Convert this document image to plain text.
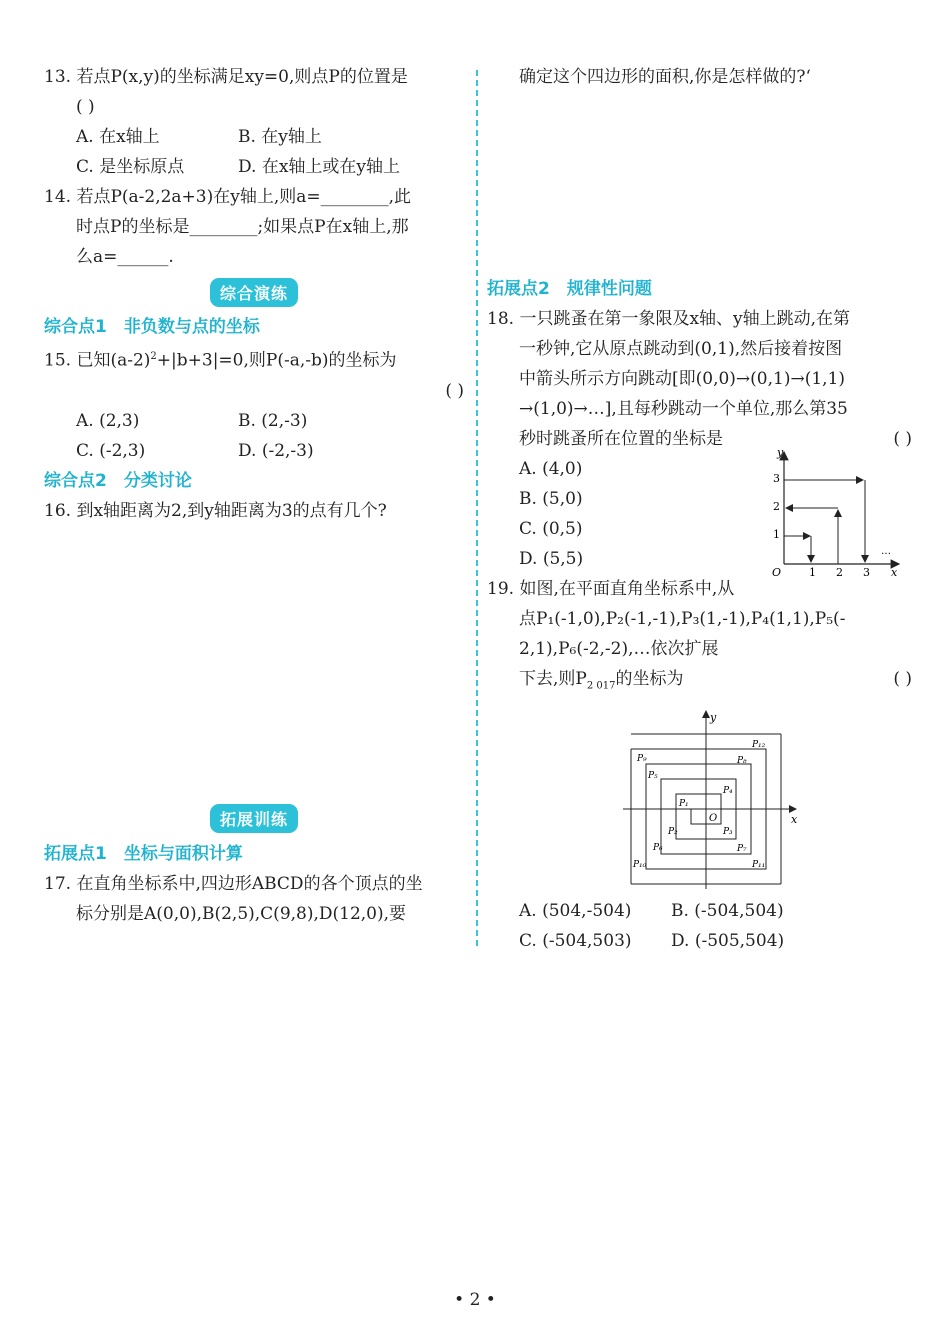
13. 若点P(x,y)的坐标满足xy=0,则点P的位置是
( )
A. 在x轴上	B. 在y轴上
C. 是坐标原点	D. 在x轴上或在y轴上
14. 若点P(a-2,2a+3)在y轴上,则a=________,此
时点P的坐标是________;如果点P在x轴上,那
么a=______.
综合演练
综合点1　非负数与点的坐标
15. 已知$(a-2)^2+|b+3|=0$,则P(-a,-b)的坐标为
( )
A. (2,3)	B. (2,-3)
C. (-2,3)	D. (-2,-3)
综合点2　分类讨论
16. 到x轴距离为2,到y轴距离为3的点有几个?
拓展训练
拓展点1　坐标与面积计算
17. 在直角坐标系中,四边形ABCD的各个顶点的坐
标分别是A(0,0),B(2,5),C(9,8),D(12,0),要
确定这个四边形的面积,你是怎样做的?‘
拓展点2　规律性问题
18. 一只跳蚤在第一象限及x轴、y轴上跳动,在第
一秒钟,它从原点跳动到(0,1),然后接着按图
中箭头所示方向跳动[即(0,0)→(0,1)→(1,1)
→(1,0)→…],且每秒跳动一个单位,那么第35
秒时跳蚤所在位置的坐标是	( )
A. (4,0)
B. (5,0)
C. (0,5)
D. (5,5)
y
x
O
1
2
3
1 2 3
…
19. 如图,在平面直角坐标系中,从
点P₁(-1,0),P₂(-1,-1),P₃(1,-1),P₄(1,1),P₅(-
2,1),P₆(-2,-2),…依次扩展
下去,则$P_{2 017}$的坐标为	( )
y
x
O
P₁
P₂	P₃
P₄
P₅
P₆	P₇
P₈
P₉
P₁₀	P₁₁
P₁₂
A. (504,-504)	B. (-504,504)
C. (-504,503)	D. (-505,504)
• 2 •
